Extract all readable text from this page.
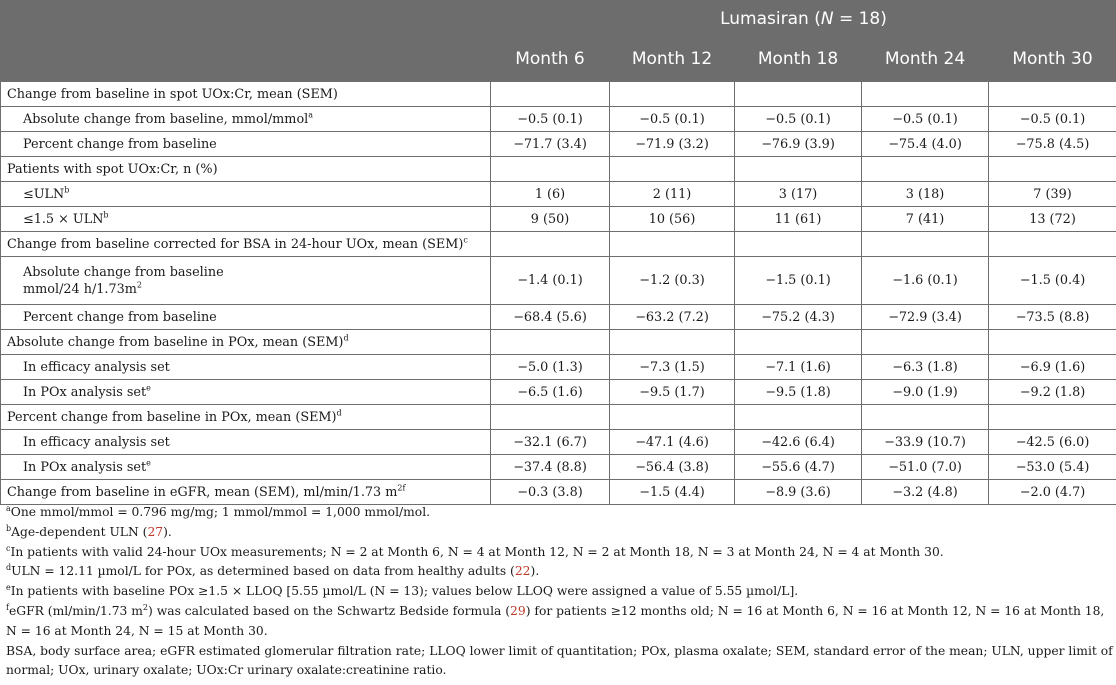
	Lumasiran (N = 18)				
	Month 6	Month 12	Month 18	Month 24	Month 30
Change from baseline in spot UOx:Cr, mean (SEM)					
Absolute change from baseline, mmol/mmol$^a$	−0.5 (0.1)	−0.5 (0.1)	−0.5 (0.1)	−0.5 (0.1)	−0.5 (0.1)
Percent change from baseline	−71.7 (3.4)	−71.9 (3.2)	−76.9 (3.9)	−75.4 (4.0)	−75.8 (4.5)
Patients with spot UOx:Cr, n (%)					
$\le ULN^b$	1 (6)	2 (11)	3 (17)	3 (18)	7 (39)
$\le 1.5 \times ULN^b$	9 (50)	10 (56)	11 (61)	7 (41)	13 (72)
Change from baseline corrected for BSA in 24-hour UOx, mean (SEM)$^c$					
Absolute change from baseline
mmol/24 $h/1.73m^2$	−1.4 (0.1)	−1.2 (0.3)	−1.5 (0.1)	−1.6 (0.1)	−1.5 (0.4)
Percent change from baseline	−68.4 (5.6)	−63.2 (7.2)	−75.2 (4.3)	−72.9 (3.4)	−73.5 (8.8)
Absolute change from baseline in POx, mean (SEM)$^d$					
In efficacy analysis set	−5.0 (1.3)	−7.3 (1.5)	−7.1 (1.6)	−6.3 (1.8)	−6.9 (1.6)
In POx analysis set$^e$	−6.5 (1.6)	−9.5 (1.7)	−9.5 (1.8)	−9.0 (1.9)	−9.2 (1.8)
Percent change from baseline in POx, mean (SEM)$^d$					
In efficacy analysis set	−32.1 (6.7)	−47.1 (4.6)	−42.6 (6.4)	−33.9 (10.7)	−42.5 (6.0)
In POx analysis set$^e$	−37.4 (8.8)	−56.4 (3.8)	−55.6 (4.7)	−51.0 (7.0)	−53.0 (5.4)
Change from baseline in eGFR, mean (SEM), ml/min/1.73 $m^{2f}$	−0.3 (3.8)	−1.5 (4.4)	−8.9 (3.6)	−3.2 (4.8)	−2.0 (4.7)

$^a$One mmol/mmol = 0.796 mg/mg; 1 mmol/mmol = 1,000 mmol/mol.

$^b$Age-dependent ULN (27).

$^c$In patients with valid 24-hour UOx measurements; N = 2 at Month 6, N = 4 at Month 12, N = 2 at Month 18, N = 3 at Month 24, N = 4 at Month 30.

$^d$ULN = 12.11 µmol/L for POx, as determined based on data from healthy adults (22).

$^e$In patients with baseline POx ≥1.5 × LLOQ [5.55 µmol/L (N = 13); values below LLOQ were assigned a value of 5.55 µmol/L].

$^f$eGFR (ml/min/1.73 $m^2$) was calculated based on the Schwartz Bedside formula (29) for patients ≥12 months old; N = 16 at Month 6, N = 16 at Month 12, N = 16 at Month 18, N = 16 at Month 24, N = 15 at Month 30.

BSA, body surface area; eGFR estimated glomerular filtration rate; LLOQ lower limit of quantitation; POx, plasma oxalate; SEM, standard error of the mean; ULN, upper limit of normal; UOx, urinary oxalate; UOx:Cr urinary oxalate:creatinine ratio.
